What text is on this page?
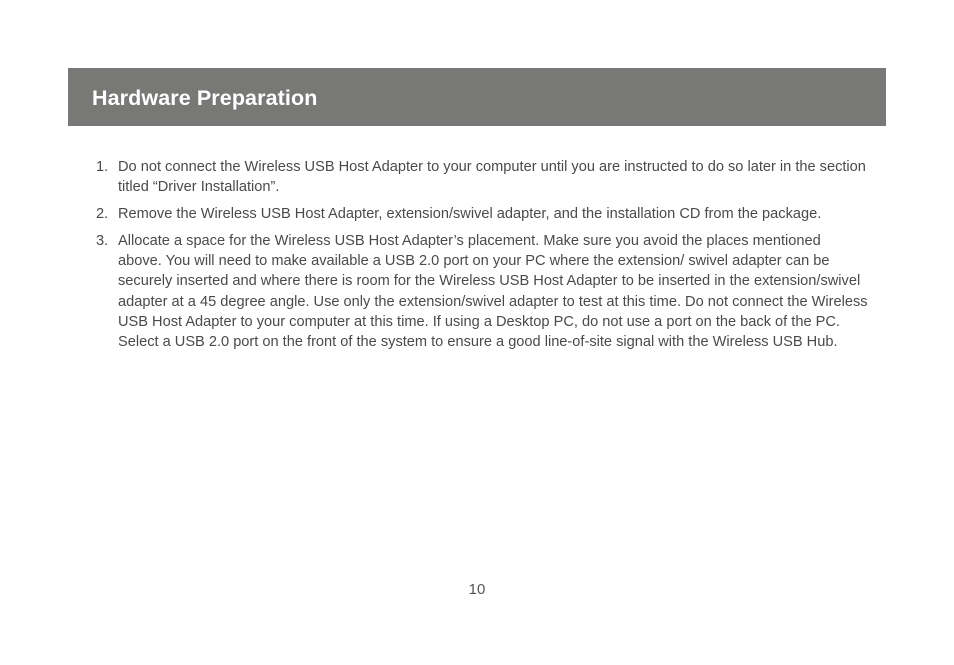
Hardware Preparation
1. Do not connect the Wireless USB Host Adapter to your computer until you are instructed to do so later in the section titled “Driver Installation”.
2. Remove the Wireless USB Host Adapter, extension/swivel adapter, and the installation CD from the package.
3. Allocate a space for the Wireless USB Host Adapter’s placement. Make sure you avoid the places mentioned above. You will need to make available a USB 2.0 port on your PC where the extension/ swivel adapter can be securely inserted and where there is room for the Wireless USB Host Adapter to be inserted in the extension/swivel adapter at a 45 degree angle. Use only the extension/swivel adapter to test at this time. Do not connect the Wireless USB Host Adapter to your computer at this time. If using a Desktop PC, do not use a port on the back of the PC. Select a USB 2.0 port on the front of the system to ensure a good line-of-site signal with the Wireless USB Hub.
10
